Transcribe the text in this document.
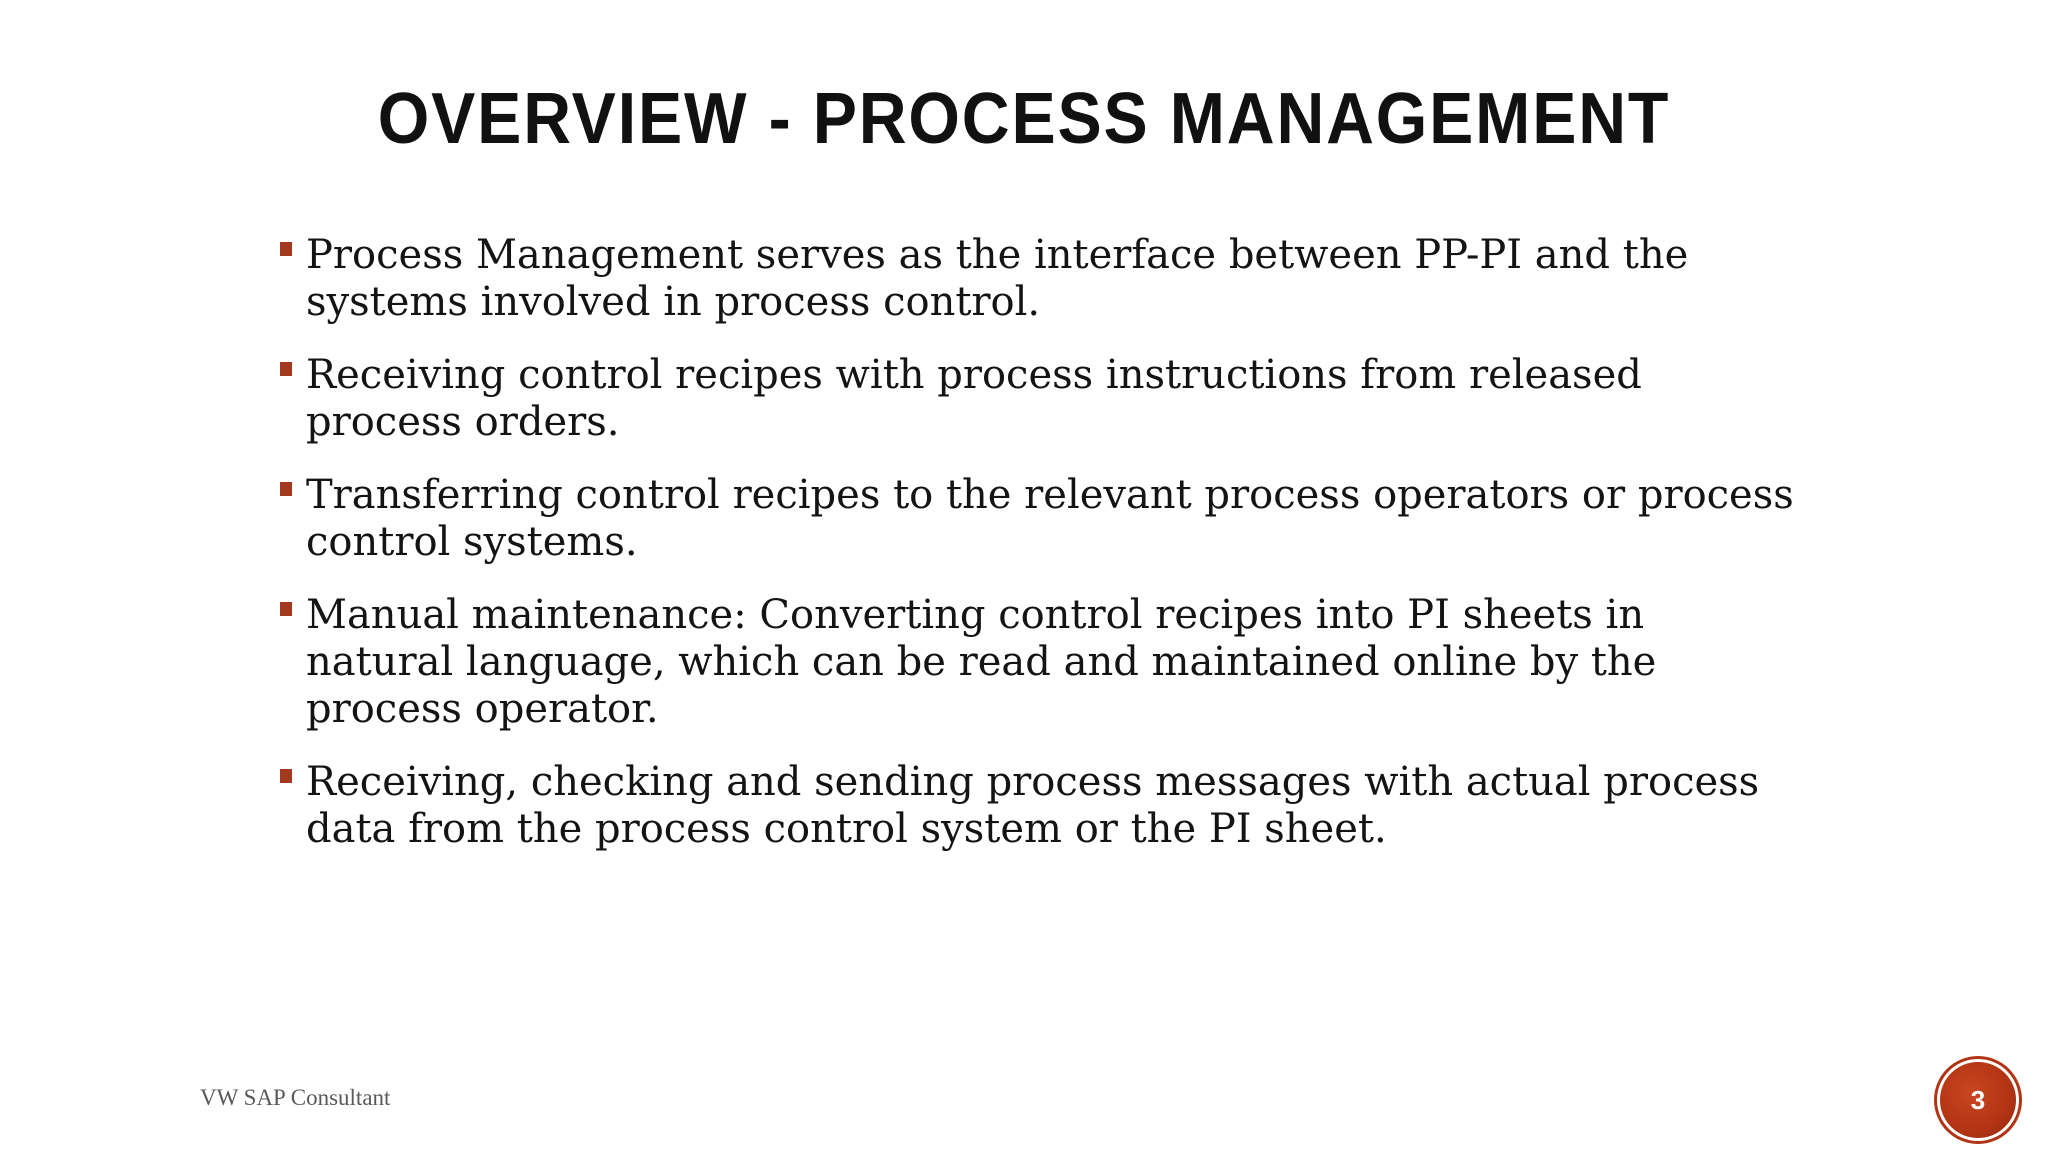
OVERVIEW - PROCESS MANAGEMENT
Process Management serves as the interface between PP-PI and the systems involved in process control.
Receiving control recipes with process instructions from released process orders.
Transferring control recipes to the relevant process operators or process control systems.
Manual maintenance: Converting control recipes into PI sheets in natural language, which can be read and maintained online by the process operator.
Receiving, checking and sending process messages with actual process data from the process control system or the PI sheet.
VW SAP Consultant	3
